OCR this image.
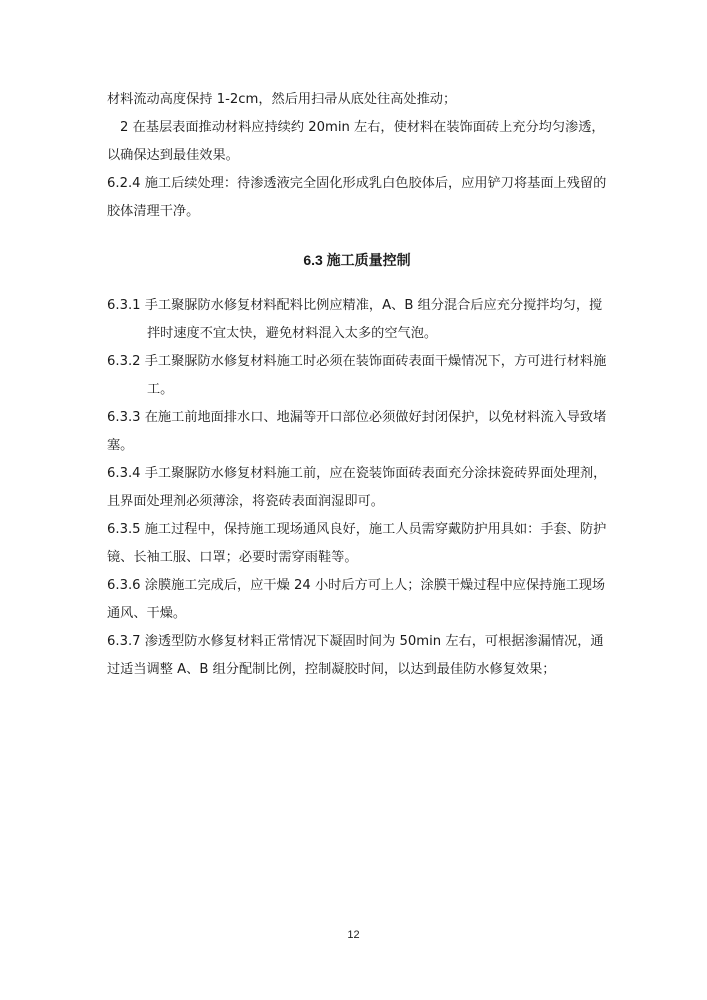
材料流动高度保持 1-2cm，然后用扫帚从底处往高处推动；

2 在基层表面推动材料应持续约 20min 左右，使材料在装饰面砖上充分均匀渗透，以确保达到最佳效果。

6.2.4 施工后续处理：待渗透液完全固化形成乳白色胶体后，应用铲刀将基面上残留的胶体清理干净。

6.3 施工质量控制

6.3.1 手工聚脲防水修复材料配料比例应精准，A、B 组分混合后应充分搅拌均匀，搅拌时速度不宜太快，避免材料混入太多的空气泡。

6.3.2 手工聚脲防水修复材料施工时必须在装饰面砖表面干燥情况下，方可进行材料施工。

6.3.3 在施工前地面排水口、地漏等开口部位必须做好封闭保护，以免材料流入导致堵塞。

6.3.4 手工聚脲防水修复材料施工前，应在瓷装饰面砖表面充分涂抹瓷砖界面处理剂，且界面处理剂必须薄涂，将瓷砖表面润湿即可。

6.3.5 施工过程中，保持施工现场通风良好，施工人员需穿戴防护用具如：手套、防护镜、长袖工服、口罩；必要时需穿雨鞋等。

6.3.6 涂膜施工完成后，应干燥 24 小时后方可上人；涂膜干燥过程中应保持施工现场通风、干燥。

6.3.7 渗透型防水修复材料正常情况下凝固时间为 50min 左右，可根据渗漏情况，通过适当调整 A、B 组分配制比例，控制凝胶时间，以达到最佳防水修复效果；

12
